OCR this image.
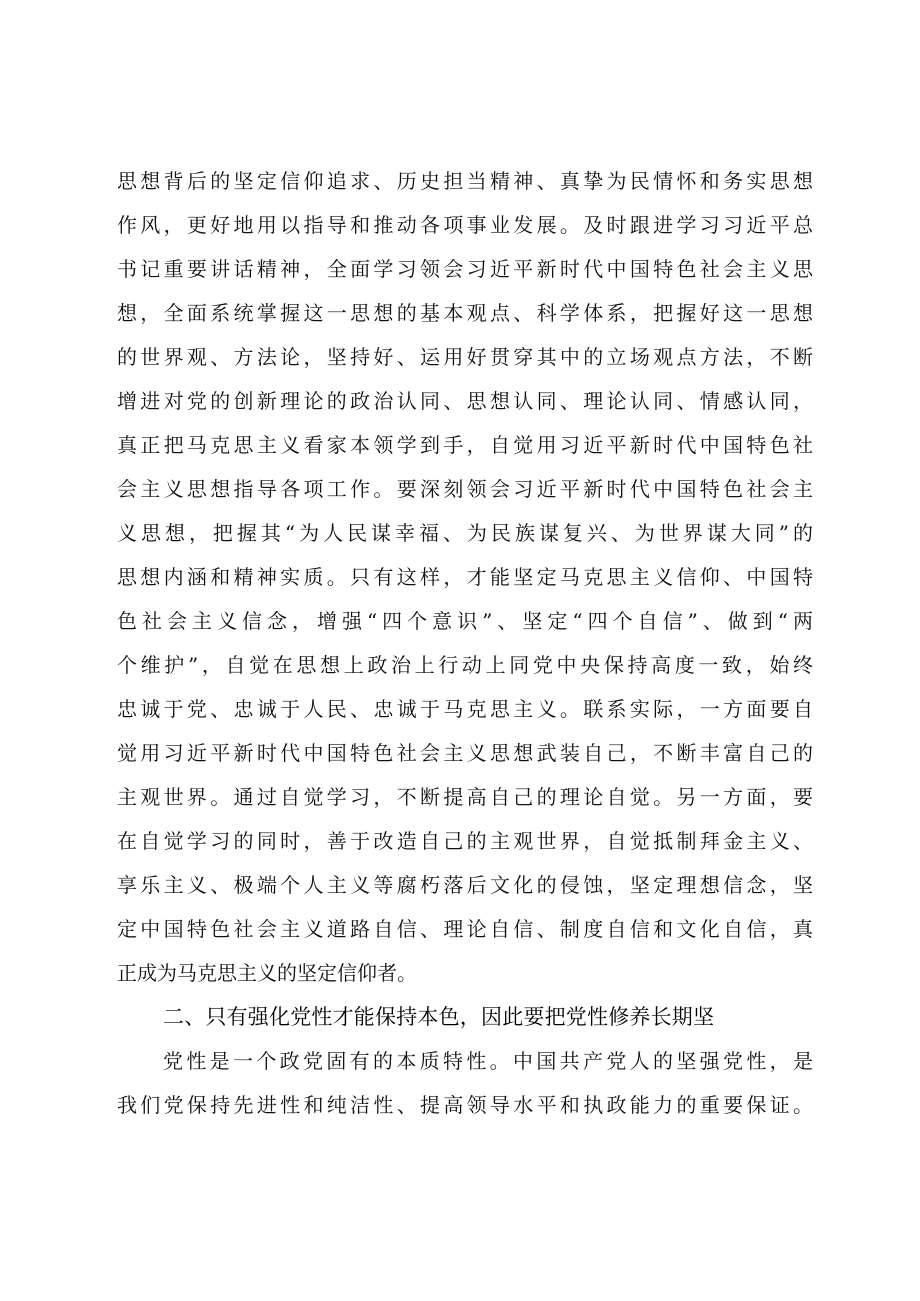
思想背后的坚定信仰追求、历史担当精神、真挚为民情怀和务实思想
作风，更好地用以指导和推动各项事业发展。及时跟进学习习近平总
书记重要讲话精神，全面学习领会习近平新时代中国特色社会主义思
想，全面系统掌握这一思想的基本观点、科学体系，把握好这一思想
的世界观、方法论，坚持好、运用好贯穿其中的立场观点方法，不断
增进对党的创新理论的政治认同、思想认同、理论认同、情感认同，
真正把马克思主义看家本领学到手，自觉用习近平新时代中国特色社
会主义思想指导各项工作。要深刻领会习近平新时代中国特色社会主
义思想，把握其“为人民谋幸福、为民族谋复兴、为世界谋大同”的
思想内涵和精神实质。只有这样，才能坚定马克思主义信仰、中国特
色社会主义信念，增强“四个意识”、坚定“四个自信”、做到“两
个维护”，自觉在思想上政治上行动上同党中央保持高度一致，始终
忠诚于党、忠诚于人民、忠诚于马克思主义。联系实际，一方面要自
觉用习近平新时代中国特色社会主义思想武装自己，不断丰富自己的
主观世界。通过自觉学习，不断提高自己的理论自觉。另一方面，要
在自觉学习的同时，善于改造自己的主观世界，自觉抵制拜金主义、
享乐主义、极端个人主义等腐朽落后文化的侵蚀，坚定理想信念，坚
定中国特色社会主义道路自信、理论自信、制度自信和文化自信，真
正成为马克思主义的坚定信仰者。
二、只有强化党性才能保持本色，因此要把党性修养长期坚
党性是一个政党固有的本质特性。中国共产党人的坚强党性，是
我们党保持先进性和纯洁性、提高领导水平和执政能力的重要保证。
